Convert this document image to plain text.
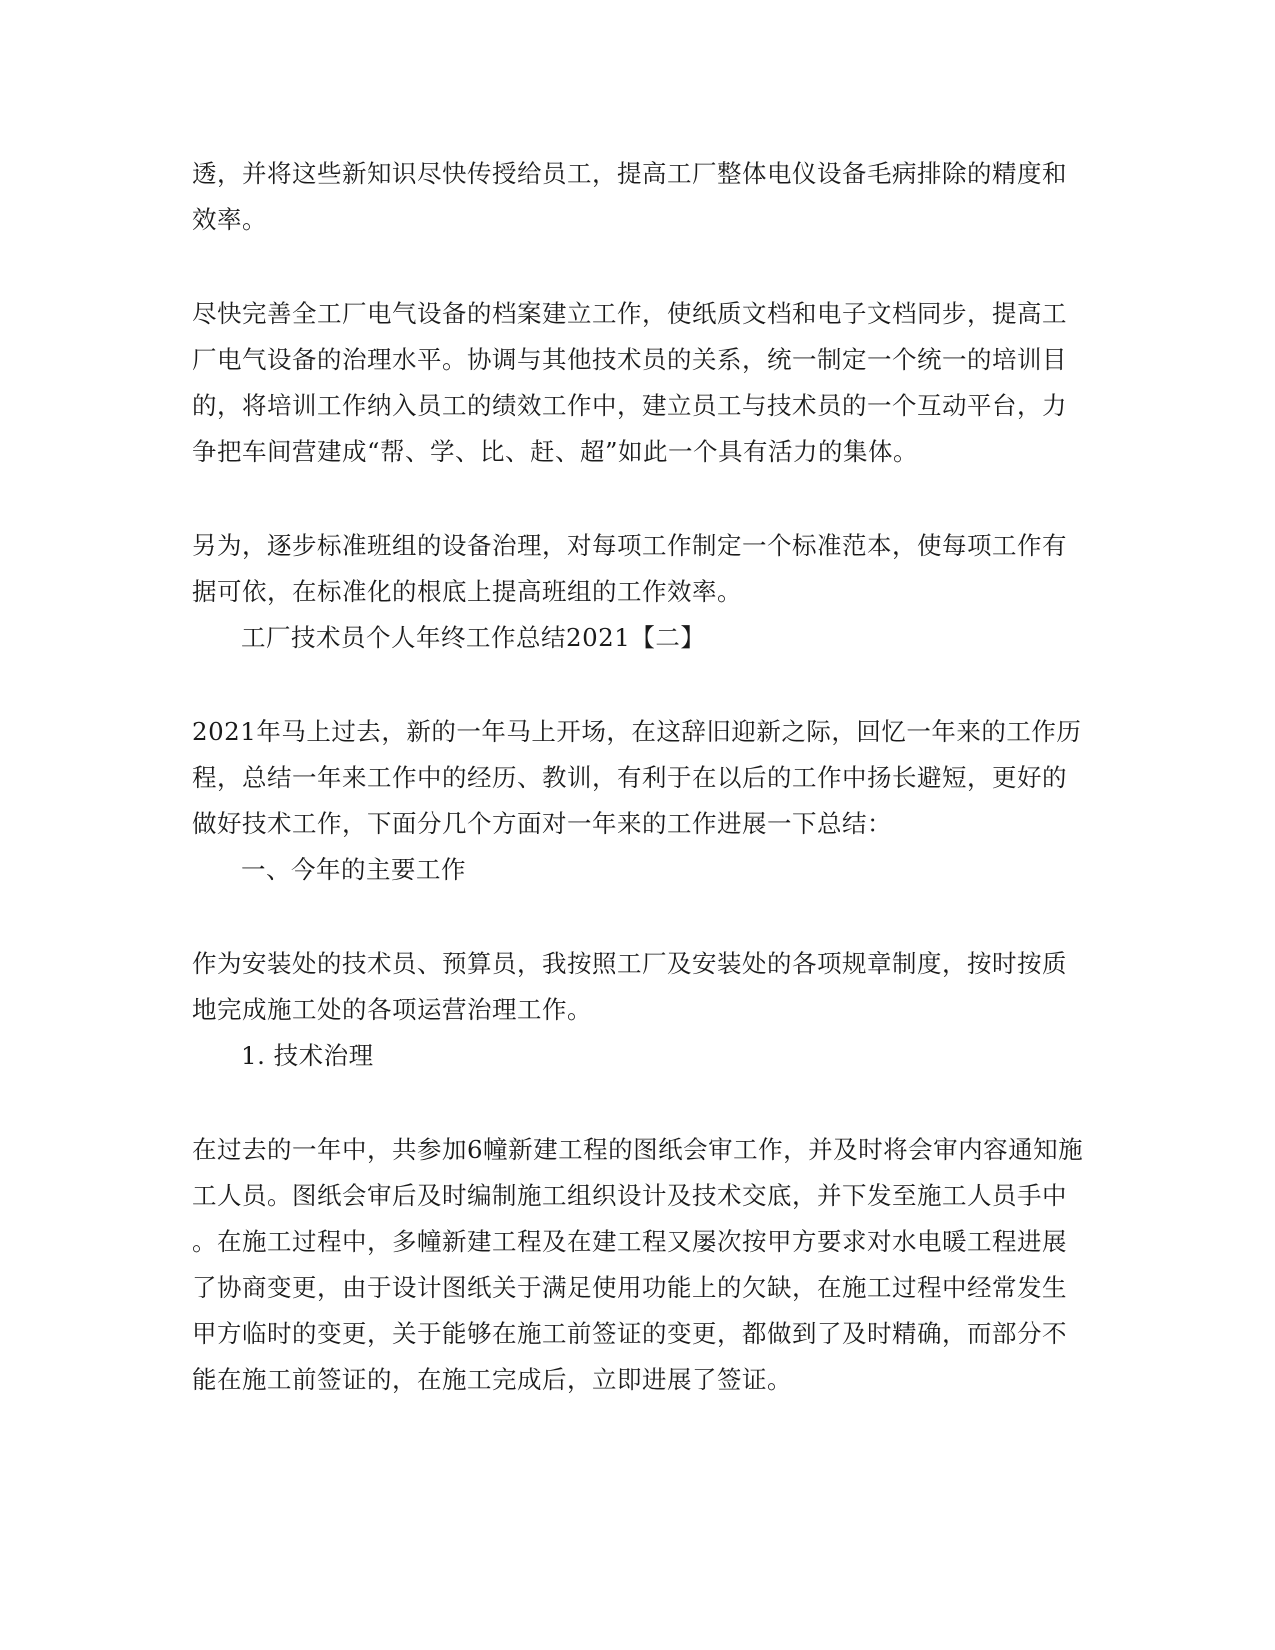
透，并将这些新知识尽快传授给员工，提高工厂整体电仪设备毛病排除的精度和
效率。
尽快完善全工厂电气设备的档案建立工作，使纸质文档和电子文档同步，提高工
厂电气设备的治理水平。协调与其他技术员的关系，统一制定一个统一的培训目
的，将培训工作纳入员工的绩效工作中，建立员工与技术员的一个互动平台，力
争把车间营建成“帮、学、比、赶、超”如此一个具有活力的集体。
另为，逐步标准班组的设备治理，对每项工作制定一个标准范本，使每项工作有
据可依，在标准化的根底上提高班组的工作效率。
工厂技术员个人年终工作总结2021【二】
2021年马上过去，新的一年马上开场，在这辞旧迎新之际，回忆一年来的工作历
程，总结一年来工作中的经历、教训，有利于在以后的工作中扬长避短，更好的
做好技术工作，下面分几个方面对一年来的工作进展一下总结：
一、今年的主要工作
作为安装处的技术员、预算员，我按照工厂及安装处的各项规章制度，按时按质
地完成施工处的各项运营治理工作。
1. 技术治理
在过去的一年中，共参加6幢新建工程的图纸会审工作，并及时将会审内容通知施
工人员。图纸会审后及时编制施工组织设计及技术交底，并下发至施工人员手中
。在施工过程中，多幢新建工程及在建工程又屡次按甲方要求对水电暖工程进展
了协商变更，由于设计图纸关于满足使用功能上的欠缺，在施工过程中经常发生
甲方临时的变更，关于能够在施工前签证的变更，都做到了及时精确，而部分不
能在施工前签证的，在施工完成后，立即进展了签证。
